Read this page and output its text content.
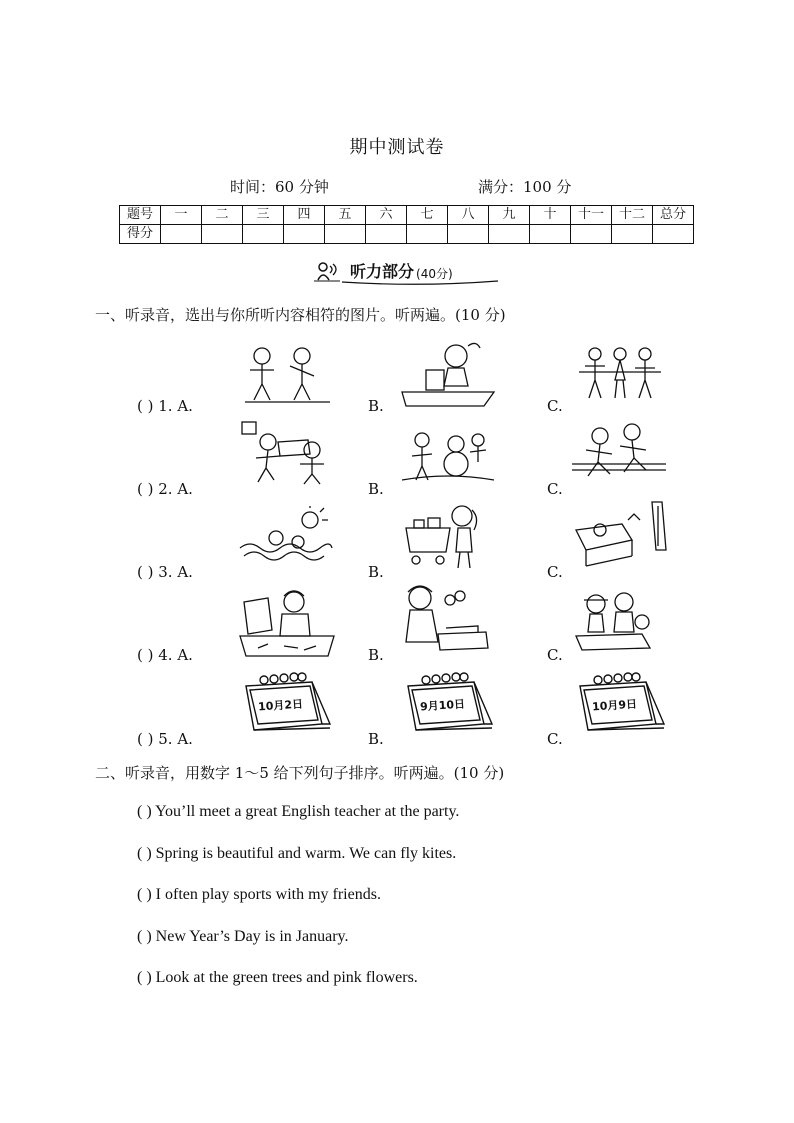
期中测试卷
时间：60 分钟	满分：100 分
题号	一	二	三	四	五	六	七	八	九	十	十一	十二	总分
得分													
听力部分 (40分)
一、听录音，选出与你所听内容相符的图片。听两遍。(10 分)
( ) 1. A.	B.	C.
( ) 2. A.	B.	C.
( ) 3. A.	B.	C.
( ) 4. A.	B.	C.
( ) 5. A.	B.	C.
10月2日	9月10日	10月9日
二、听录音，用数字 1～5 给下列句子排序。听两遍。(10 分)
( ) You’ll meet a great English teacher at the party.
( ) Spring is beautiful and warm. We can fly kites.
( ) I often play sports with my friends.
( ) New Year’s Day is in January.
( ) Look at the green trees and pink flowers.
